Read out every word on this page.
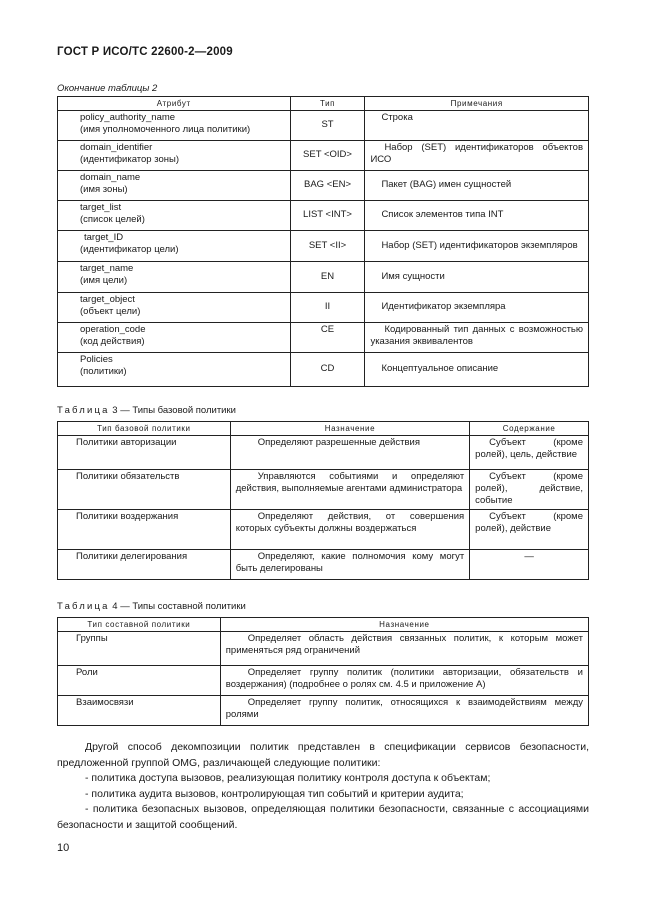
ГОСТ Р ИСО/ТС 22600-2—2009
Окончание таблицы 2
Атрибут	Тип	Примечания
policy_authority_name
(имя уполномоченного лица политики)	ST	Строка
domain_identifier
(идентификатор зоны)	SET <OID>	Набор (SET) идентификаторов объектов ИСО

domain_name
(имя зоны)	BAG <EN>	Пакет (BAG) имен сущностей
target_list
(список целей)	LIST <INT>	Список элементов типа INT
target_ID
(идентификатор цели)	SET <II>	Набор (SET) идентификаторов экземпляров
target_name
(имя цели)	EN	Имя сущности
target_object
(объект цели)	II	Идентификатор экземпляра
operation_code
(код действия)	CE	Кодированный тип данных с возможностью указания эквивалентов

Policies
(политики)	CD	Концептуальное описание
Таблица 3 — Типы базовой политики
Тип базовой политики	Назначение	Содержание
Политики авторизации	Определяют разрешенные действия	Субъект (кроме ролей), цель, действие

Политики обязательств	Управляются событиями и определяют действия, выполняемые агентами администратора	Субъект (кроме ролей), действие, событие

Политики воздержания	Определяют действия, от совершения которых субъекты должны воздержаться	Субъект (кроме ролей), действие

Политики делегирования	Определяют, какие полномочия кому могут быть делегированы	—
Таблица 4 — Типы составной политики
Тип составной политики	Назначение
Группы	Определяет область действия связанных политик, к которым может применяться ряд ограничений

Роли	Определяет группу политик (политики авторизации, обязательств и воздержания) (подробнее о ролях см. 4.5 и приложение А)

Взаимосвязи	Определяет группу политик, относящихся к взаимодействиям между ролями

Другой способ декомпозиции политик представлен в спецификации сервисов безопасности, предложенной группой OMG, различающей следующие политики:

- политика доступа вызовов, реализующая политику контроля доступа к объектам;

- политика аудита вызовов, контролирующая тип событий и критерии аудита;

- политика безопасных вызовов, определяющая политики безопасности, связанные с ассоциациями безопасности и защитой сообщений.

10
